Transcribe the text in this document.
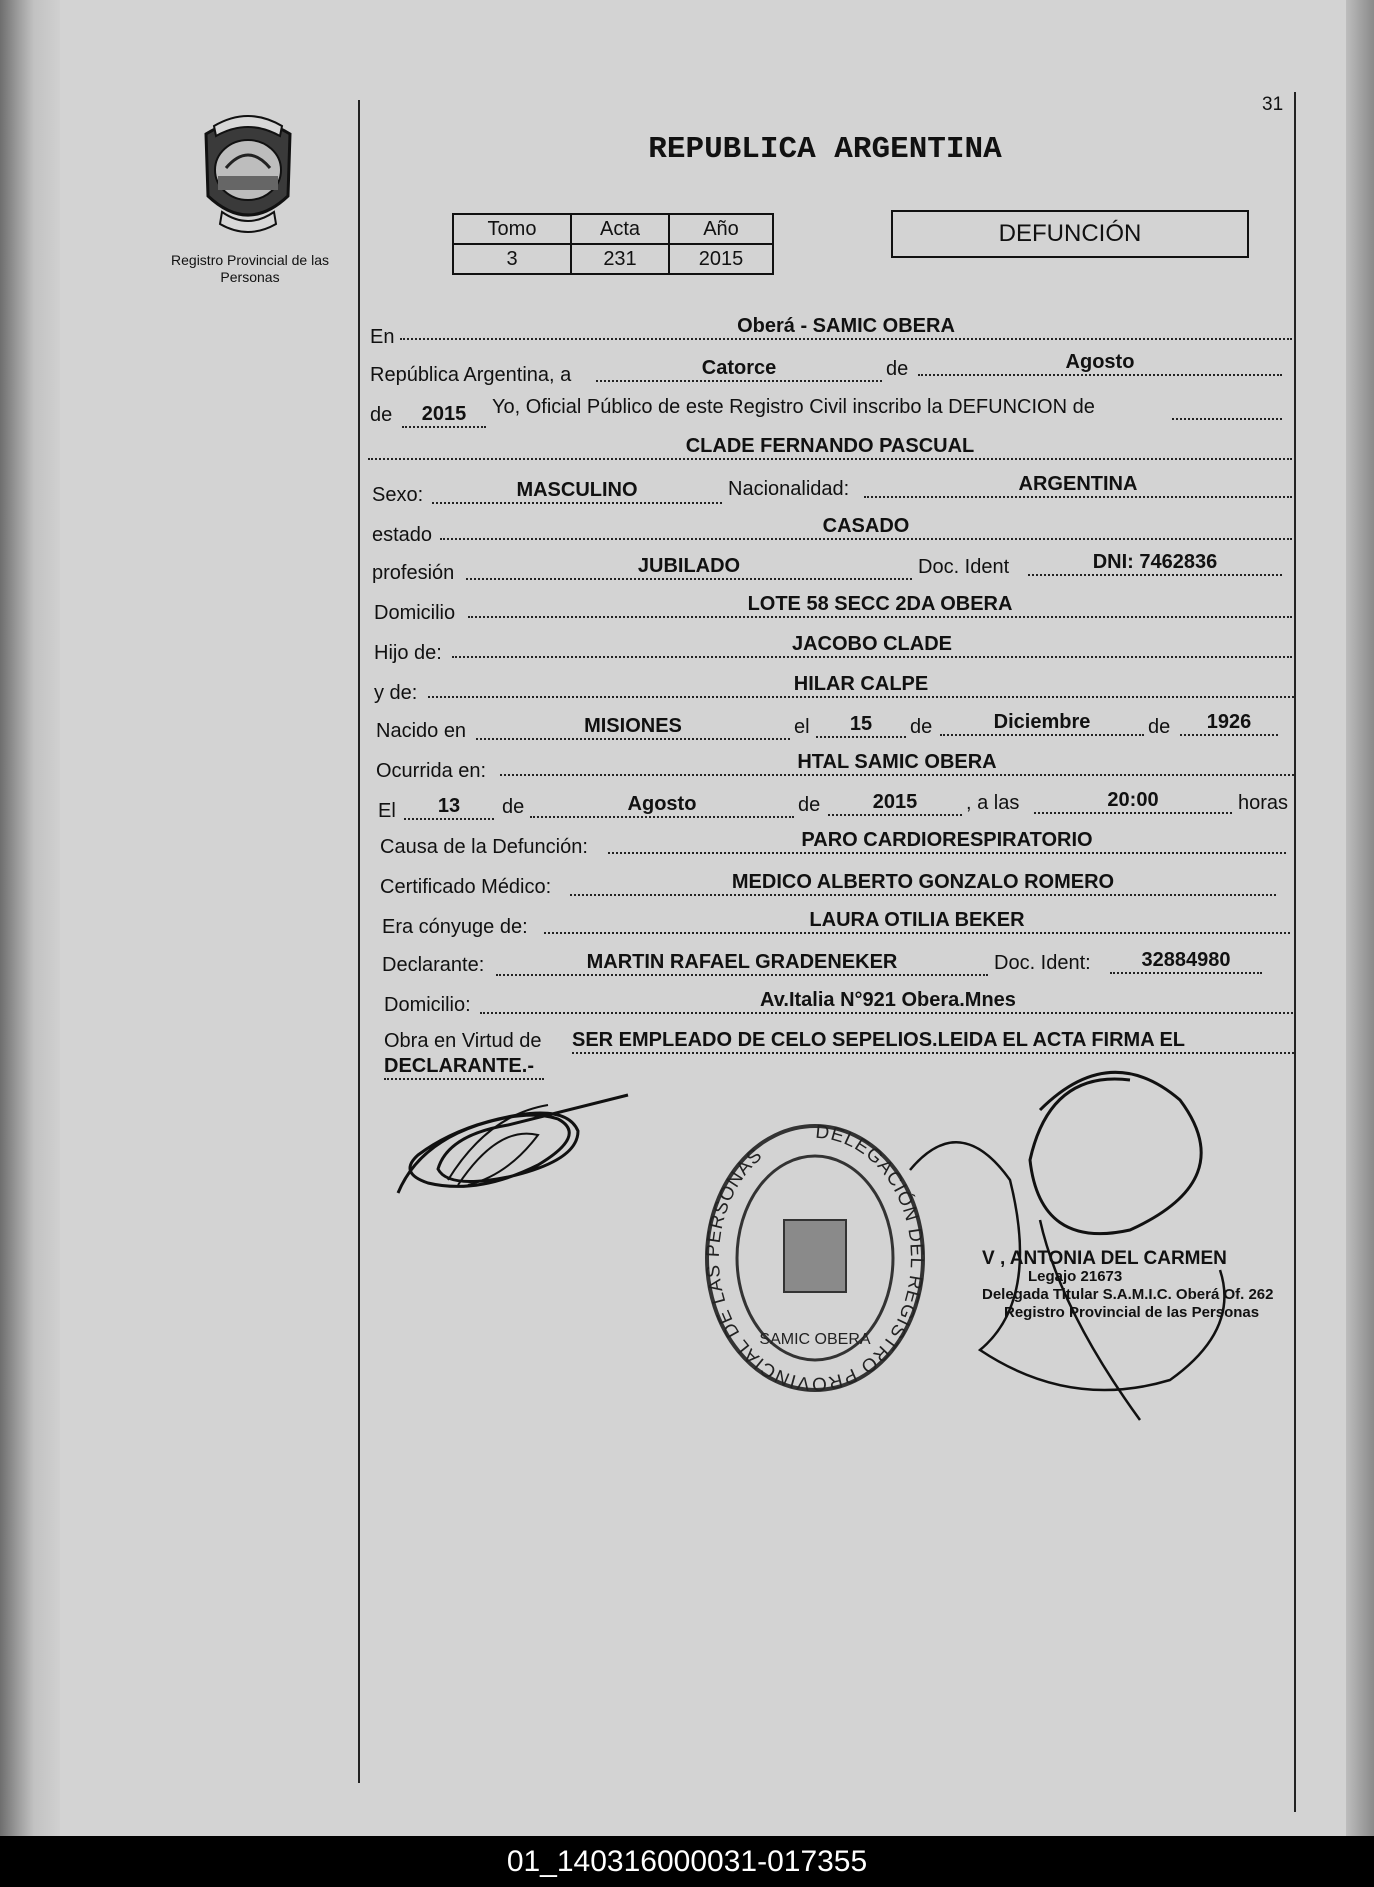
31
Registro Provincial de las Personas
REPUBLICA ARGENTINA
Tomo	Acta	Año
3	231	2015
DEFUNCIÓN
En	Oberá - SAMIC OBERA
República Argentina, a	Catorce	de	Agosto
de	2015	Yo, Oficial Público de este Registro Civil inscribo la DEFUNCION de
CLADE FERNANDO PASCUAL
Sexo:	MASCULINO	Nacionalidad:	ARGENTINA
estado	CASADO
profesión	JUBILADO	Doc. Ident	DNI: 7462836
Domicilio	LOTE 58 SECC 2DA OBERA
Hijo de:	JACOBO CLADE
y de:	HILAR CALPE
Nacido en	MISIONES	el	15	de	Diciembre	de	1926
Ocurrida en:	HTAL SAMIC OBERA
El	13	de	Agosto	de	2015	, a las	20:00	horas
Causa de la Defunción:	PARO CARDIORESPIRATORIO
Certificado Médico:	MEDICO ALBERTO GONZALO ROMERO
Era cónyuge de:	LAURA OTILIA BEKER
Declarante:	MARTIN RAFAEL GRADENEKER	Doc. Ident:	32884980
Domicilio:	Av.Italia N°921 Obera.Mnes
Obra en Virtud de SER EMPLEADO DE CELO SEPELIOS.LEIDA EL ACTA FIRMA EL
DECLARANTE.-
DELEGACIÓN DEL REGISTRO PROVINCIAL DE LAS PERSONAS
SAMIC OBERA
V , ANTONIA DEL CARMEN
Legajo 21673
Delegada Titular S.A.M.I.C. Oberá Of. 262
Registro Provincial de las Personas
01_140316000031-017355
